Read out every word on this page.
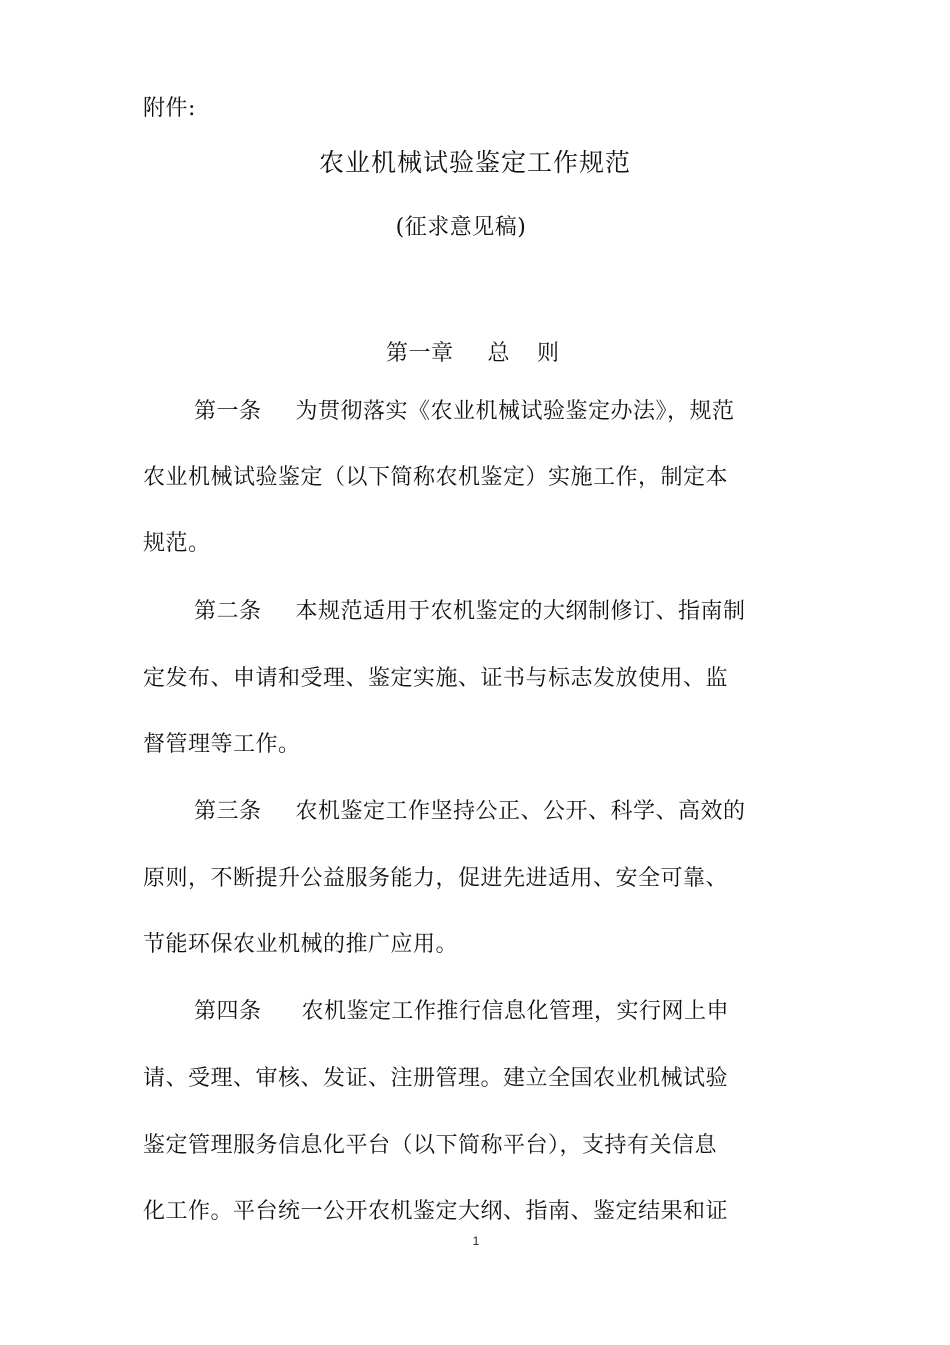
附件:
农业机械试验鉴定工作规范
(征求意见稿)
第一章 总 则
第一条 为贯彻落实《农业机械试验鉴定办法》，规范
农业机械试验鉴定（以下简称农机鉴定）实施工作，制定本
规范。
第二条 本规范适用于农机鉴定的大纲制修订、指南制
定发布、申请和受理、鉴定实施、证书与标志发放使用、监
督管理等工作。
第三条 农机鉴定工作坚持公正、公开、科学、高效的
原则，不断提升公益服务能力，促进先进适用、安全可靠、
节能环保农业机械的推广应用。
第四条 农机鉴定工作推行信息化管理，实行网上申
请、受理、审核、发证、注册管理。建立全国农业机械试验
鉴定管理服务信息化平台（以下简称平台），支持有关信息
化工作。平台统一公开农机鉴定大纲、指南、鉴定结果和证
1
